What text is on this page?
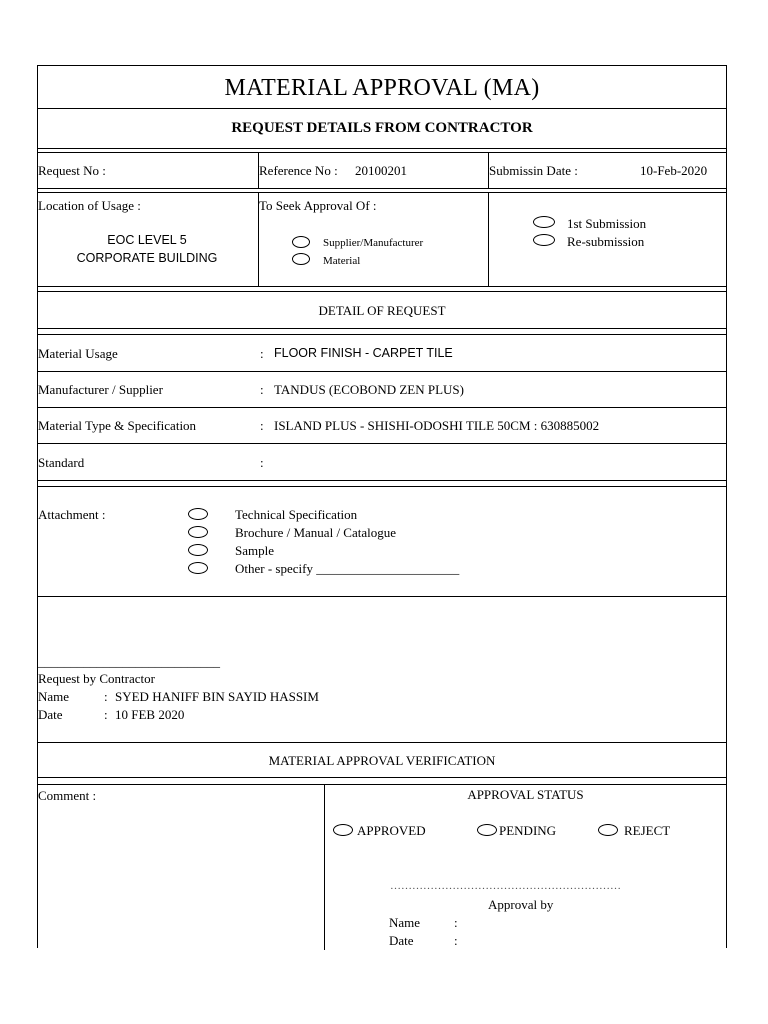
MATERIAL APPROVAL (MA)
REQUEST DETAILS FROM CONTRACTOR
Request No :	Reference No : 20100201	Submissin Date :	10-Feb-2020
Location of Usage :
EOC LEVEL 5
CORPORATE BUILDING
To Seek Approval Of :
Supplier/Manufacturer
Material
1st Submission
Re-submission
DETAIL OF REQUEST
Material Usage	: FLOOR FINISH - CARPET TILE
Manufacturer / Supplier	: TANDUS (ECOBOND ZEN PLUS)
Material Type & Specification	: ISLAND PLUS - SHISHI-ODOSHI TILE 50CM : 630885002
Standard	:
Attachment :	Technical Specification
Brochure / Manual / Catalogue
Sample
Other - specify ______________________
____________________________
Request by Contractor
Name	: SYED HANIFF BIN SAYID HASSIM
Date	: 10 FEB 2020
MATERIAL APPROVAL VERIFICATION
Comment :	APPROVAL STATUS
APPROVED	PENDING	REJECT
………………………………………………………
Approval by
Name	:
Date	:
